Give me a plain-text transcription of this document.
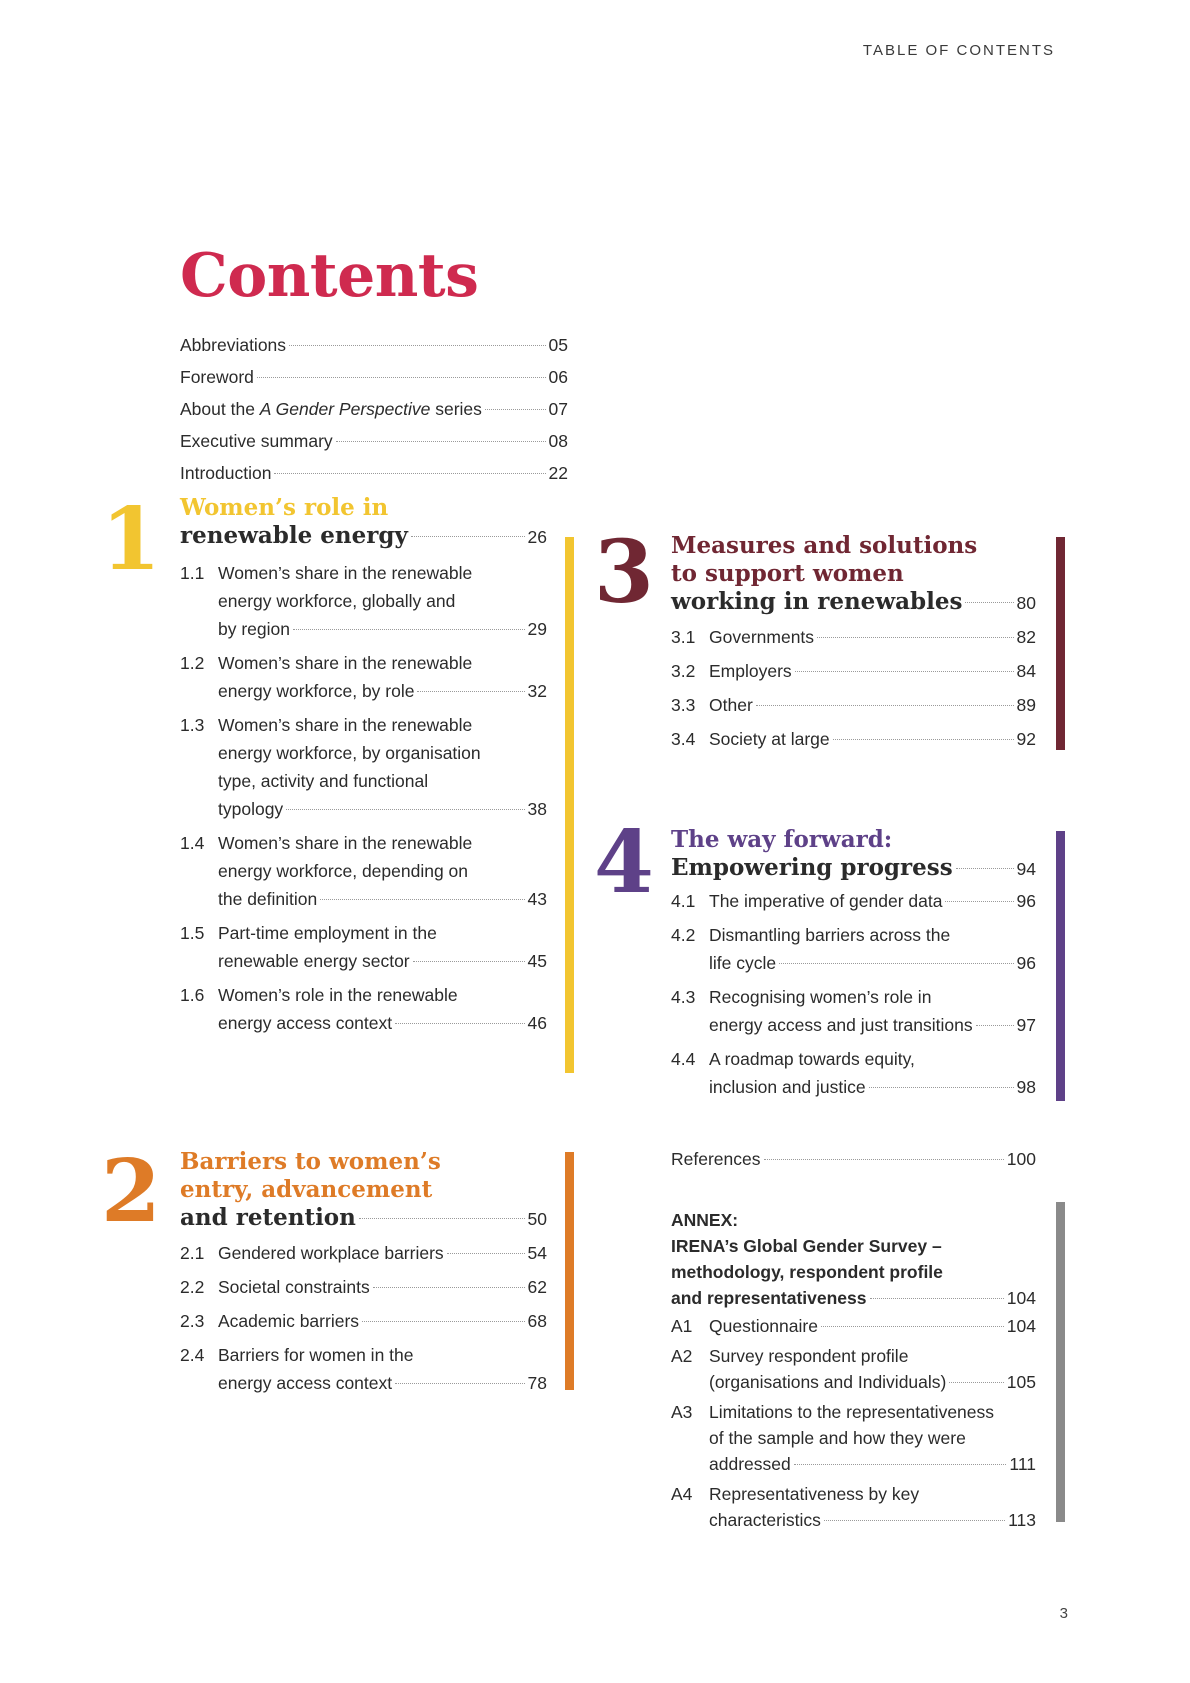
TABLE OF CONTENTS
Contents
Abbreviations	05
Foreword	06
About the A Gender Perspective series	07
Executive summary	08
Introduction	22
1 Women’s role in
renewable energy	26
1.1 Women’s share in the renewable
energy workforce, globally and
by region	29
1.2 Women’s share in the renewable
energy workforce, by role	32
1.3 Women’s share in the renewable
energy workforce, by organisation
type, activity and functional
typology	38
1.4 Women’s share in the renewable
energy workforce, depending on
the definition	43
1.5 Part-time employment in the
renewable energy sector	45
1.6 Women’s role in the renewable
energy access context	46
2 Barriers to women’s
entry, advancement
and retention	50
2.1 Gendered workplace barriers	54
2.2 Societal constraints	62
2.3 Academic barriers	68
2.4 Barriers for women in the
energy access context	78
3 Measures and solutions
to support women
working in renewables	80
3.1 Governments	82
3.2 Employers	84
3.3 Other	89
3.4 Society at large	92
4 The way forward:
Empowering progress	94
4.1 The imperative of gender data	96
4.2 Dismantling barriers across the
life cycle	96
4.3 Recognising women’s role in
energy access and just transitions	97
4.4 A roadmap towards equity,
inclusion and justice	98
References	100
ANNEX:
IRENA’s Global Gender Survey –
methodology, respondent profile
and representativeness	104
A1 Questionnaire	104
A2 Survey respondent profile
(organisations and Individuals)	105
A3 Limitations to the representativeness
of the sample and how they were
addressed	111
A4 Representativeness by key
characteristics	113
3
